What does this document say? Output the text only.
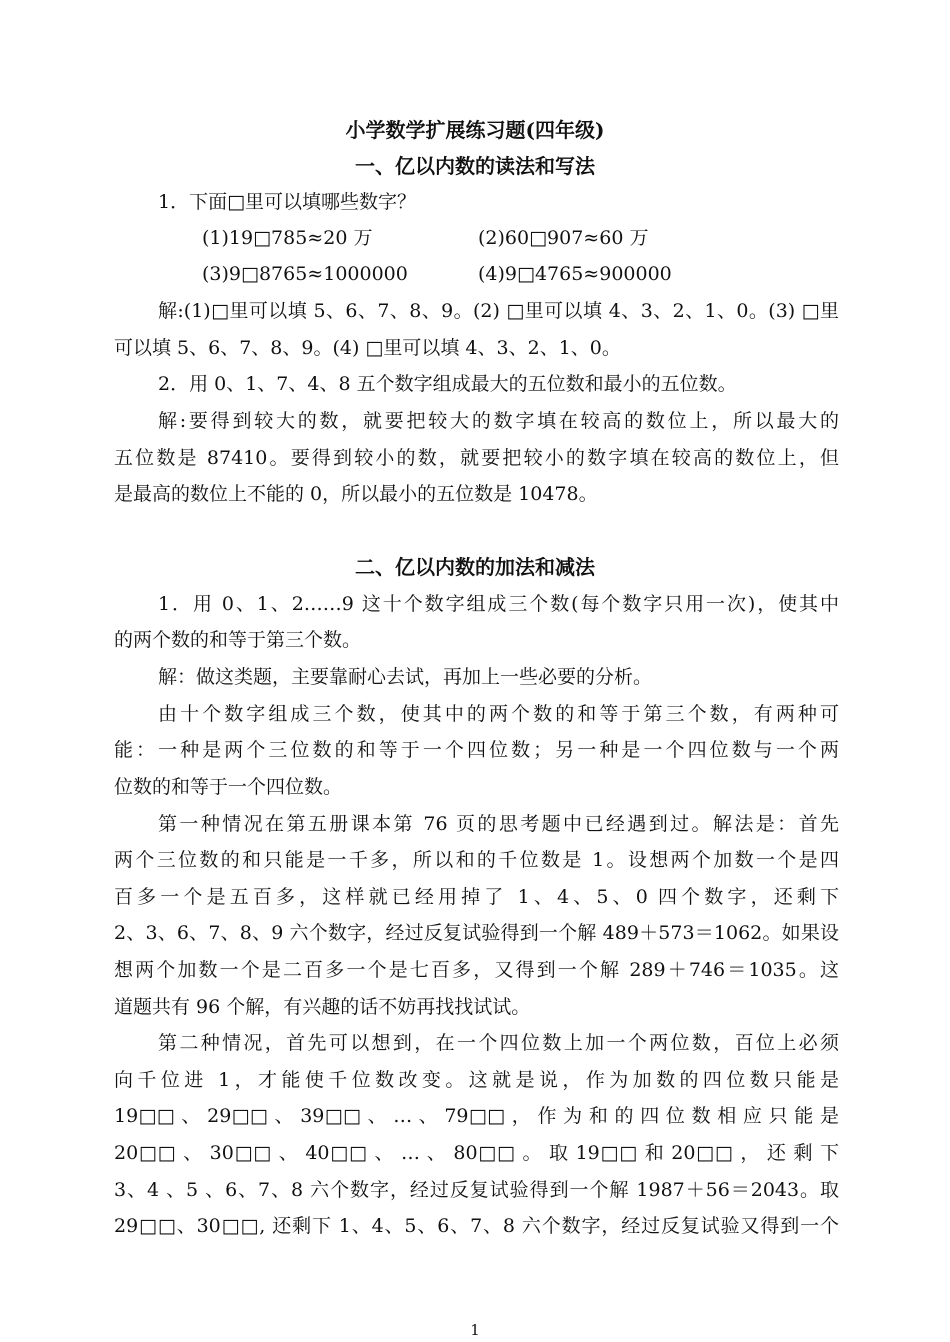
小学数学扩展练习题(四年级)
一、亿以内数的读法和写法
1．下面□里可以填哪些数字？
(1)19□785≈20 万	(2)60□907≈60 万
(3)9□8765≈1000000	(4)9□4765≈900000
解:(1)□里可以填 5、6、7、8、9。(2) □里可以填 4、3、2、1、0。(3) □里
可以填 5、6、7、8、9。(4) □里可以填 4、3、2、1、0。
2．用 0、1、7、4、8 五个数字组成最大的五位数和最小的五位数。
解:要得到较大的数，就要把较大的数字填在较高的数位上，所以最大的
五位数是 87410。要得到较小的数，就要把较小的数字填在较高的数位上，但
是最高的数位上不能的 0，所以最小的五位数是 10478。
二、亿以内数的加法和减法
1．用 0、1、2……9 这十个数字组成三个数(每个数字只用一次)，使其中
的两个数的和等于第三个数。
解：做这类题，主要靠耐心去试，再加上一些必要的分析。
由十个数字组成三个数，使其中的两个数的和等于第三个数，有两种可
能：一种是两个三位数的和等于一个四位数；另一种是一个四位数与一个两
位数的和等于一个四位数。
第一种情况在第五册课本第 76 页的思考题中已经遇到过。解法是：首先
两个三位数的和只能是一千多，所以和的千位数是 1。设想两个加数一个是四
百多一个是五百多，这样就已经用掉了 1、4、5、0 四个数字，还剩下
2、3、6、7、8、9 六个数字，经过反复试验得到一个解 489＋573＝1062。如果设
想两个加数一个是二百多一个是七百多，又得到一个解 289＋746＝1035。这
道题共有 96 个解，有兴趣的话不妨再找找试试。
第二种情况，首先可以想到，在一个四位数上加一个两位数，百位上必须
向千位进 1，才能使千位数改变。这就是说，作为加数的四位数只能是
19□□ 、 29□□ 、 39□□ 、 … 、 79□□ ， 作 为 和 的 四 位 数 相 应 只 能 是
20□□ 、 30□□ 、 40□□ 、 … 、 80□□ 。 取 19□□ 和 20□□ ， 还 剩 下
3、4 、5 、6、7、8 六个数字，经过反复试验得到一个解 1987＋56＝2043。取
29□□、30□□, 还剩下 1、4、5、6、7、8 六个数字，经过反复试验又得到一个
1
